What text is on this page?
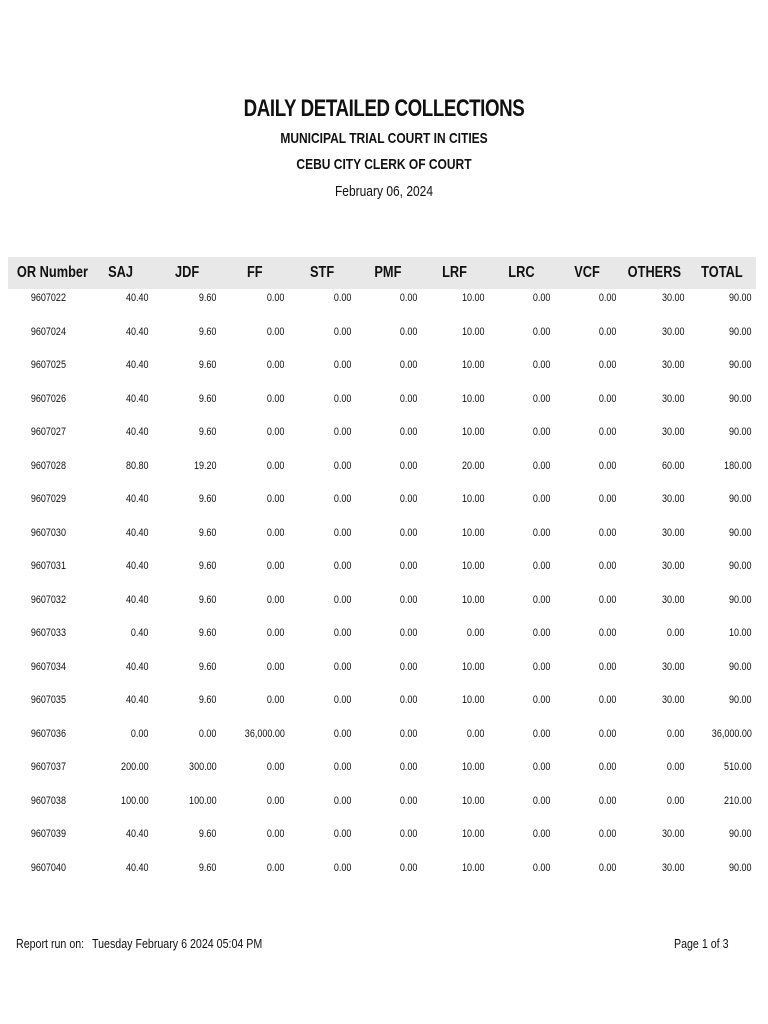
DAILY DETAILED COLLECTIONS
MUNICIPAL TRIAL COURT IN CITIES
CEBU CITY CLERK OF COURT
February 06, 2024
OR Number	SAJ	JDF	FF	STF	PMF	LRF	LRC	VCF	OTHERS	TOTAL
9607022	40.40	9.60	0.00	0.00	0.00	10.00	0.00	0.00	30.00	90.00
9607024	40.40	9.60	0.00	0.00	0.00	10.00	0.00	0.00	30.00	90.00
9607025	40.40	9.60	0.00	0.00	0.00	10.00	0.00	0.00	30.00	90.00
9607026	40.40	9.60	0.00	0.00	0.00	10.00	0.00	0.00	30.00	90.00
9607027	40.40	9.60	0.00	0.00	0.00	10.00	0.00	0.00	30.00	90.00
9607028	80.80	19.20	0.00	0.00	0.00	20.00	0.00	0.00	60.00	180.00
9607029	40.40	9.60	0.00	0.00	0.00	10.00	0.00	0.00	30.00	90.00
9607030	40.40	9.60	0.00	0.00	0.00	10.00	0.00	0.00	30.00	90.00
9607031	40.40	9.60	0.00	0.00	0.00	10.00	0.00	0.00	30.00	90.00
9607032	40.40	9.60	0.00	0.00	0.00	10.00	0.00	0.00	30.00	90.00
9607033	0.40	9.60	0.00	0.00	0.00	0.00	0.00	0.00	0.00	10.00
9607034	40.40	9.60	0.00	0.00	0.00	10.00	0.00	0.00	30.00	90.00
9607035	40.40	9.60	0.00	0.00	0.00	10.00	0.00	0.00	30.00	90.00
9607036	0.00	0.00	36,000.00	0.00	0.00	0.00	0.00	0.00	0.00	36,000.00
9607037	200.00	300.00	0.00	0.00	0.00	10.00	0.00	0.00	0.00	510.00
9607038	100.00	100.00	0.00	0.00	0.00	10.00	0.00	0.00	0.00	210.00
9607039	40.40	9.60	0.00	0.00	0.00	10.00	0.00	0.00	30.00	90.00
9607040	40.40	9.60	0.00	0.00	0.00	10.00	0.00	0.00	30.00	90.00
Report run on: Tuesday February 6 2024 05:04 PM	Page 1 of 3
